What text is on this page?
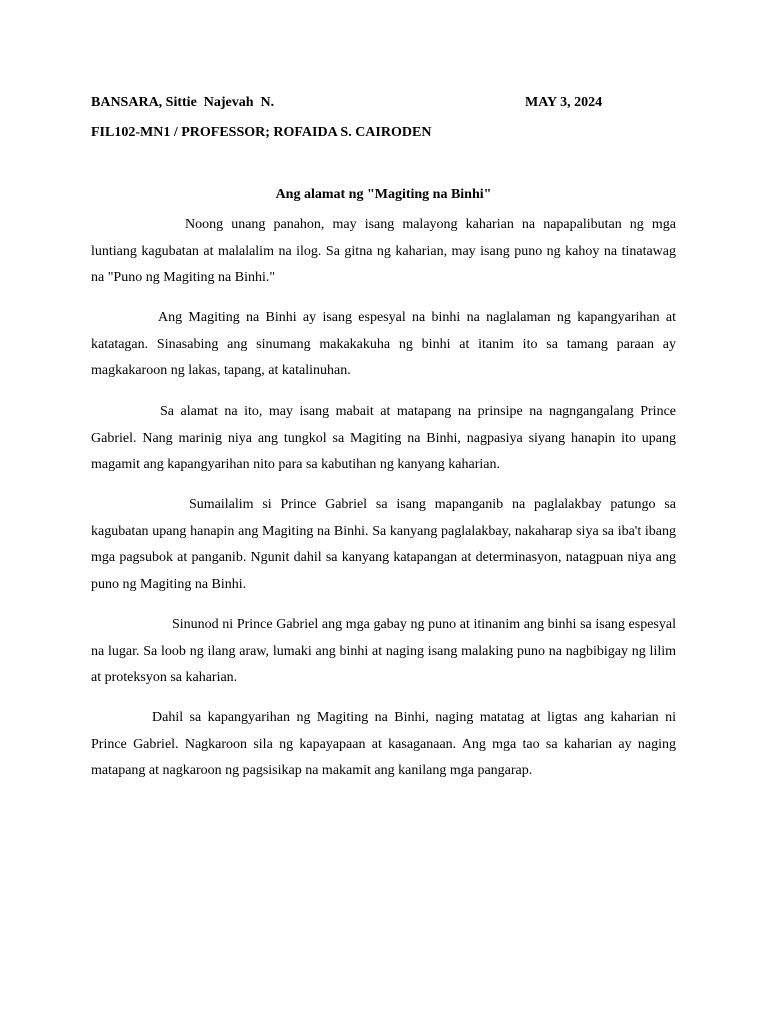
BANSARA, Sittie  Najevah  N.	MAY 3, 2024
FIL102-MN1 / PROFESSOR; ROFAIDA S. CAIRODEN
Ang alamat ng "Magiting na Binhi"

Noong unang panahon, may isang malayong kaharian na napapalibutan ng mga luntiang kagubatan at malalalim na ilog. Sa gitna ng kaharian, may isang puno ng kahoy na tinatawag na "Puno ng Magiting na Binhi."

Ang Magiting na Binhi ay isang espesyal na binhi na naglalaman ng kapangyarihan at katatagan. Sinasabing ang sinumang makakakuha ng binhi at itanim ito sa tamang paraan ay magkakaroon ng lakas, tapang, at katalinuhan.

Sa alamat na ito, may isang mabait at matapang na prinsipe na nagngangalang Prince Gabriel. Nang marinig niya ang tungkol sa Magiting na Binhi, nagpasiya siyang hanapin ito upang magamit ang kapangyarihan nito para sa kabutihan ng kanyang kaharian.

Sumailalim si Prince Gabriel sa isang mapanganib na paglalakbay patungo sa kagubatan upang hanapin ang Magiting na Binhi. Sa kanyang paglalakbay, nakaharap siya sa iba't ibang mga pagsubok at panganib. Ngunit dahil sa kanyang katapangan at determinasyon, natagpuan niya ang puno ng Magiting na Binhi.

Sinunod ni Prince Gabriel ang mga gabay ng puno at itinanim ang binhi sa isang espesyal na lugar. Sa loob ng ilang araw, lumaki ang binhi at naging isang malaking puno na nagbibigay ng lilim at proteksyon sa kaharian.

Dahil sa kapangyarihan ng Magiting na Binhi, naging matatag at ligtas ang kaharian ni Prince Gabriel. Nagkaroon sila ng kapayapaan at kasaganaan. Ang mga tao sa kaharian ay naging matapang at nagkaroon ng pagsisikap na makamit ang kanilang mga pangarap.
